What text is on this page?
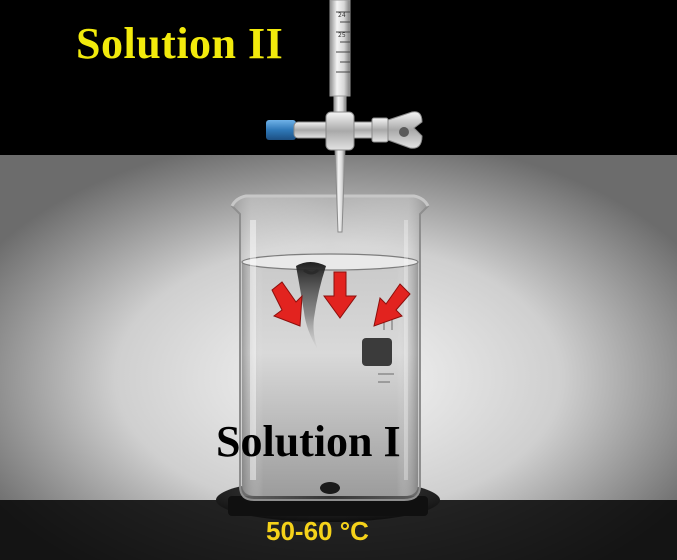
24
25
Solution II
Solution I
50-60 °C
